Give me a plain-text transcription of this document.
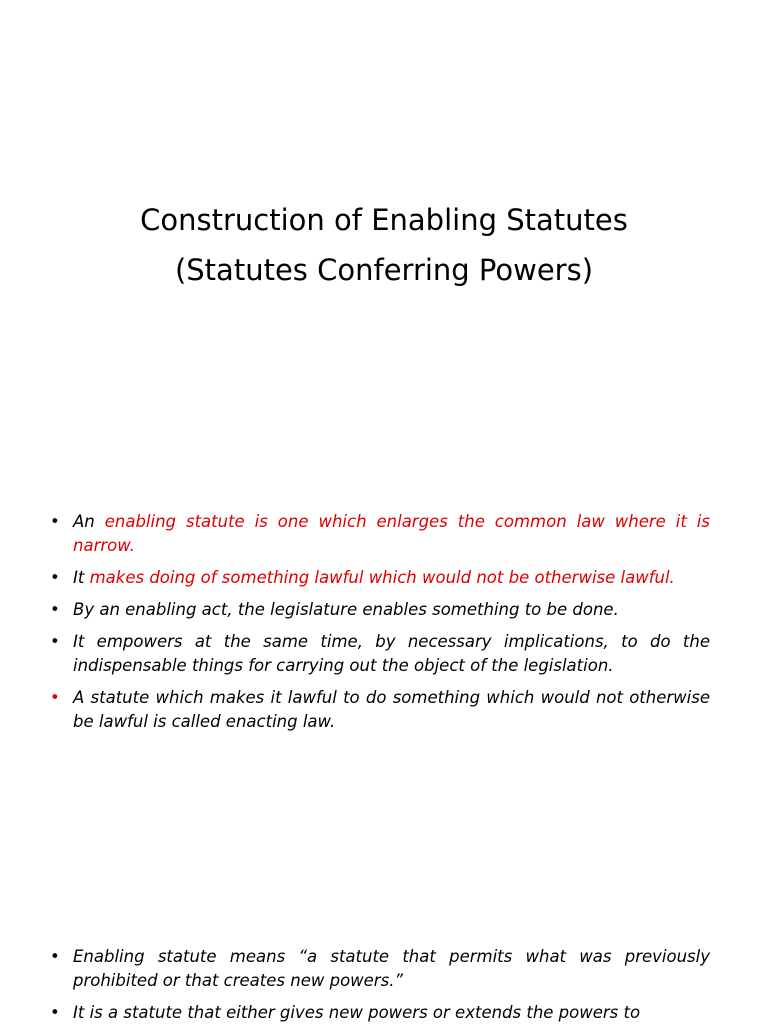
Construction of Enabling Statutes
(Statutes Conferring Powers)
• An enabling statute is one which enlarges the common law where it is narrow.
• It makes doing of something lawful which would not be otherwise lawful.
• By an enabling act, the legislature enables something to be done.
• It empowers at the same time, by necessary implications, to do the indispensable things for carrying out the object of the legislation.
• A statute which makes it lawful to do something which would not otherwise be lawful is called enacting law.
• Enabling statute means “a statute that permits what was previously prohibited or that creates new powers.”
• It is a statute that either gives new powers or extends the powers to
